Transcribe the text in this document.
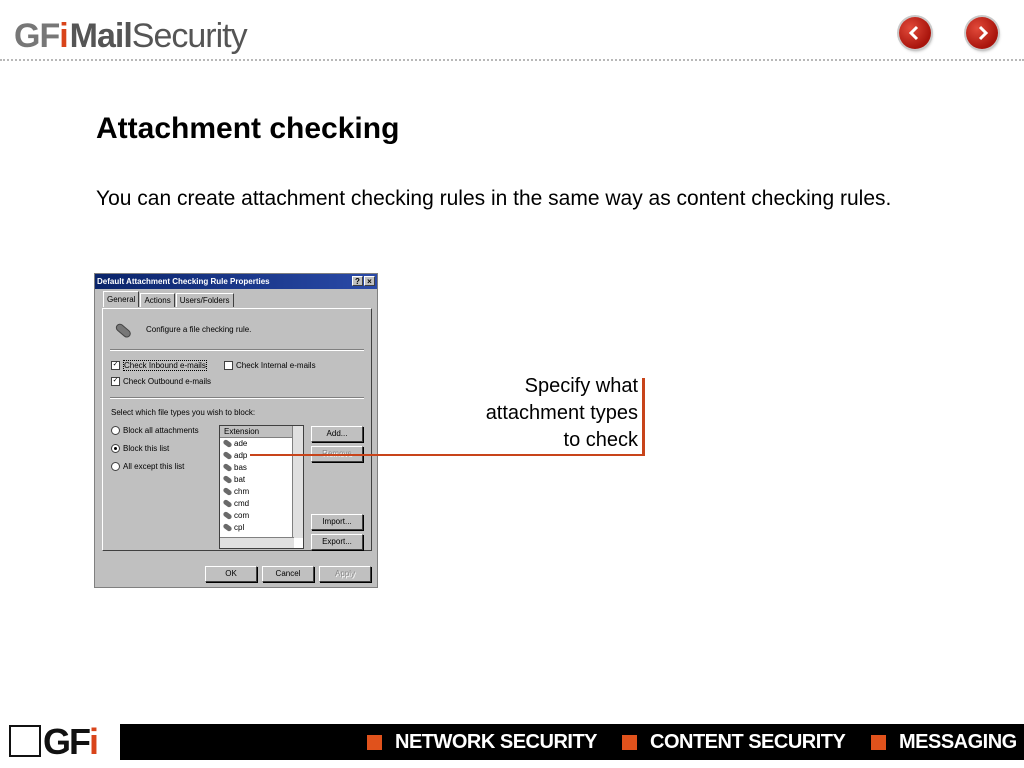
GFi Mail Security
Attachment checking

You can create attachment checking rules in the same way as content checking rules.

Default Attachment Checking Rule Properties	? ×
General	Actions	Users/Folders
Configure a file checking rule.
✓ Check Inbound e-mails
✓ Check Outbound e-mails
Check Internal e-mails
Select which file types you wish to block:
Block all attachments
Block this list
All except this list
Extension
ade
adp
bas
bat
chm
cmd
com
cpl
Add...
Import...
Export...
OK	Cancel	Apply

Specify what
attachment types
to check

GFi	NETWORK SECURITY	CONTENT SECURITY	MESSAGING
